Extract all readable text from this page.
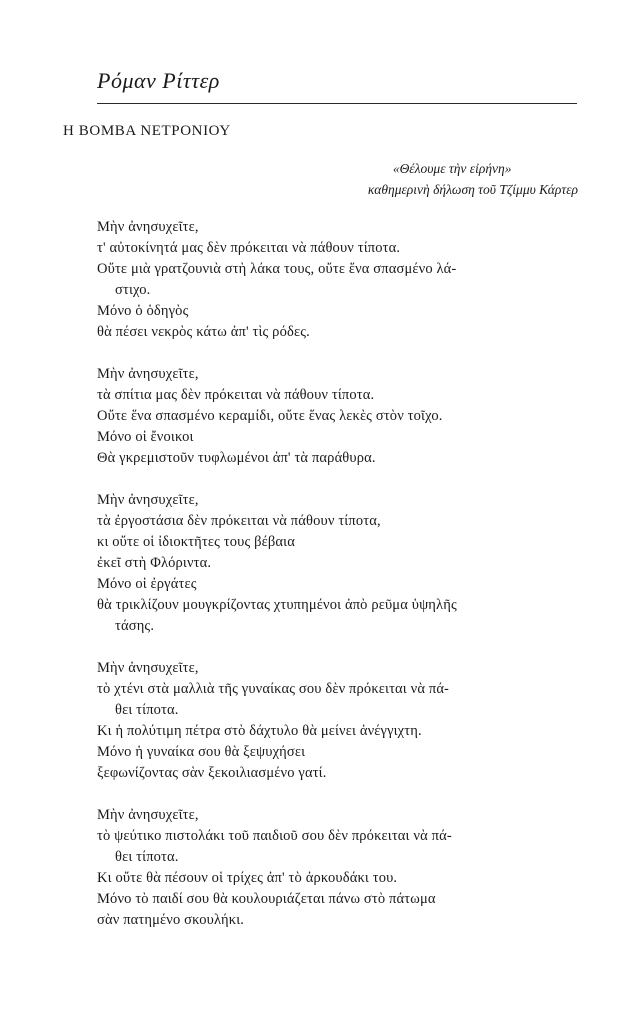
Ρόμαν Ρίττερ
Η ΒΟΜΒΑ ΝΕΤΡΟΝΙΟΥ
«Θέλουμε τὴν εἰρήνη»
καθημερινὴ δήλωση τοῦ Τζίμμυ Κάρτερ
Μὴν ἀνησυχεῖτε,
τ' αὐτοκίνητά μας δὲν πρόκειται νὰ πάθουν τίποτα.
Οὔτε μιὰ γρατζουνιὰ στὴ λάκα τους, οὔτε ἕνα σπασμένο λά-
στιχο.
Μόνο ὁ ὁδηγὸς
θὰ πέσει νεκρὸς κάτω ἀπ' τὶς ρόδες.
Μὴν ἀνησυχεῖτε,
τὰ σπίτια μας δὲν πρόκειται νὰ πάθουν τίποτα.
Οὔτε ἕνα σπασμένο κεραμίδι, οὔτε ἕνας λεκὲς στὸν τοῖχο.
Μόνο οἱ ἔνοικοι
Θὰ γκρεμιστοῦν τυφλωμένοι ἀπ' τὰ παράθυρα.
Μὴν ἀνησυχεῖτε,
τὰ ἐργοστάσια δὲν πρόκειται νὰ πάθουν τίποτα,
κι οὔτε οἱ ἰδιοκτῆτες τους βέβαια
ἐκεῖ στὴ Φλόριντα.
Μόνο οἱ ἐργάτες
θὰ τρικλίζουν μουγκρίζοντας χτυπημένοι ἀπὸ ρεῦμα ὑψηλῆς
τάσης.
Μὴν ἀνησυχεῖτε,
τὸ χτένι στὰ μαλλιὰ τῆς γυναίκας σου δὲν πρόκειται νὰ πά-
θει τίποτα.
Κι ἡ πολύτιμη πέτρα στὸ δάχτυλο θὰ μείνει ἀνέγγιχτη.
Μόνο ἡ γυναίκα σου θὰ ξεψυχήσει
ξεφωνίζοντας σὰν ξεκοιλιασμένο γατί.
Μὴν ἀνησυχεῖτε,
τὸ ψεύτικο πιστολάκι τοῦ παιδιοῦ σου δὲν πρόκειται νὰ πά-
θει τίποτα.
Κι οὔτε θὰ πέσουν οἱ τρίχες ἀπ' τὸ ἀρκουδάκι του.
Μόνο τὸ παιδί σου θὰ κουλουριάζεται πάνω στὸ πάτωμα
σὰν πατημένο σκουλήκι.
